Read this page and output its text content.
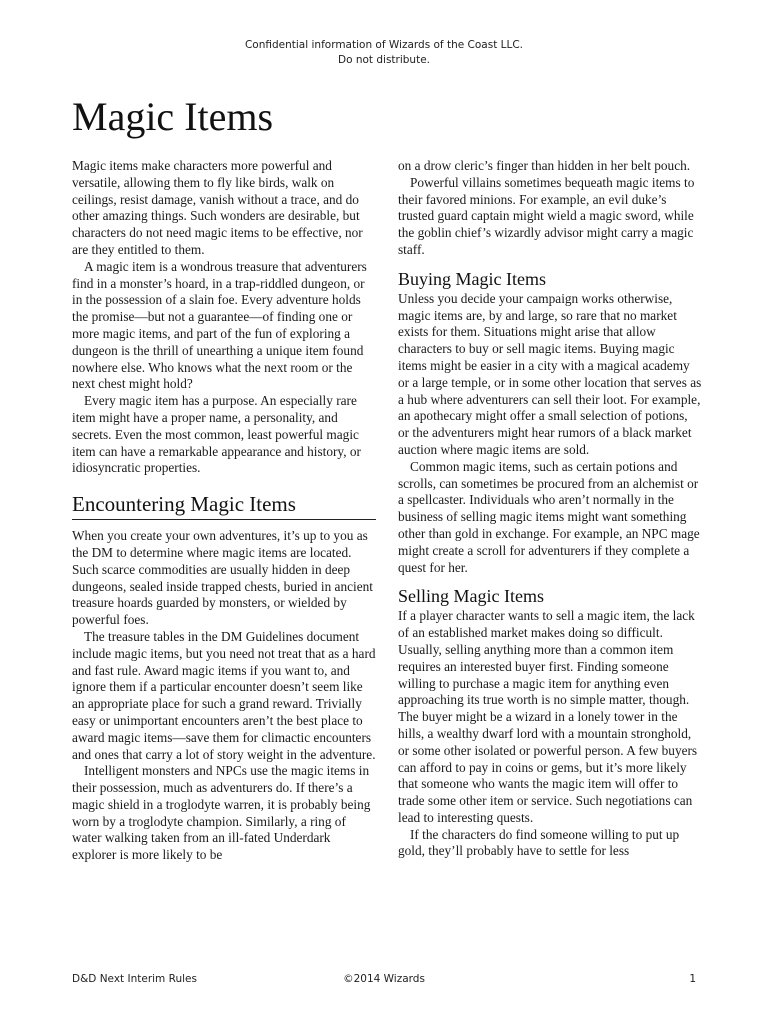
Confidential information of Wizards of the Coast LLC.
Do not distribute.
Magic Items

Magic items make characters more powerful and versatile, allowing them to fly like birds, walk on ceilings, resist damage, vanish without a trace, and do other amazing things. Such wonders are desirable, but characters do not need magic items to be effective, nor are they entitled to them.

A magic item is a wondrous treasure that adventurers find in a monster’s hoard, in a trap-riddled dungeon, or in the possession of a slain foe. Every adventure holds the promise—but not a guarantee—of finding one or more magic items, and part of the fun of exploring a dungeon is the thrill of unearthing a unique item found nowhere else. Who knows what the next room or the next chest might hold?

Every magic item has a purpose. An especially rare item might have a proper name, a personality, and secrets. Even the most common, least powerful magic item can have a remarkable appearance and history, or idiosyncratic properties.

Encountering Magic Items

When you create your own adventures, it’s up to you as the DM to determine where magic items are located. Such scarce commodities are usually hidden in deep dungeons, sealed inside trapped chests, buried in ancient treasure hoards guarded by monsters, or wielded by powerful foes.

The treasure tables in the DM Guidelines document include magic items, but you need not treat that as a hard and fast rule. Award magic items if you want to, and ignore them if a particular encounter doesn’t seem like an appropriate place for such a grand reward. Trivially easy or unimportant encounters aren’t the best place to award magic items—save them for climactic encounters and ones that carry a lot of story weight in the adventure.

Intelligent monsters and NPCs use the magic items in their possession, much as adventurers do. If there’s a magic shield in a troglodyte warren, it is probably being worn by a troglodyte champion. Similarly, a ring of water walking taken from an ill-fated Underdark explorer is more likely to be

on a drow cleric’s finger than hidden in her belt pouch.

Powerful villains sometimes bequeath magic items to their favored minions. For example, an evil duke’s trusted guard captain might wield a magic sword, while the goblin chief’s wizardly advisor might carry a magic staff.

Buying Magic Items

Unless you decide your campaign works otherwise, magic items are, by and large, so rare that no market exists for them. Situations might arise that allow characters to buy or sell magic items. Buying magic items might be easier in a city with a magical academy or a large temple, or in some other location that serves as a hub where adventurers can sell their loot. For example, an apothecary might offer a small selection of potions, or the adventurers might hear rumors of a black market auction where magic items are sold.

Common magic items, such as certain potions and scrolls, can sometimes be procured from an alchemist or a spellcaster. Individuals who aren’t normally in the business of selling magic items might want something other than gold in exchange. For example, an NPC mage might create a scroll for adventurers if they complete a quest for her.

Selling Magic Items

If a player character wants to sell a magic item, the lack of an established market makes doing so difficult. Usually, selling anything more than a common item requires an interested buyer first. Finding someone willing to purchase a magic item for anything even approaching its true worth is no simple matter, though. The buyer might be a wizard in a lonely tower in the hills, a wealthy dwarf lord with a mountain stronghold, or some other isolated or powerful person. A few buyers can afford to pay in coins or gems, but it’s more likely that someone who wants the magic item will offer to trade some other item or service. Such negotiations can lead to interesting quests.

If the characters do find someone willing to put up gold, they’ll probably have to settle for less

D&D Next Interim Rules	©2014 Wizards	1
